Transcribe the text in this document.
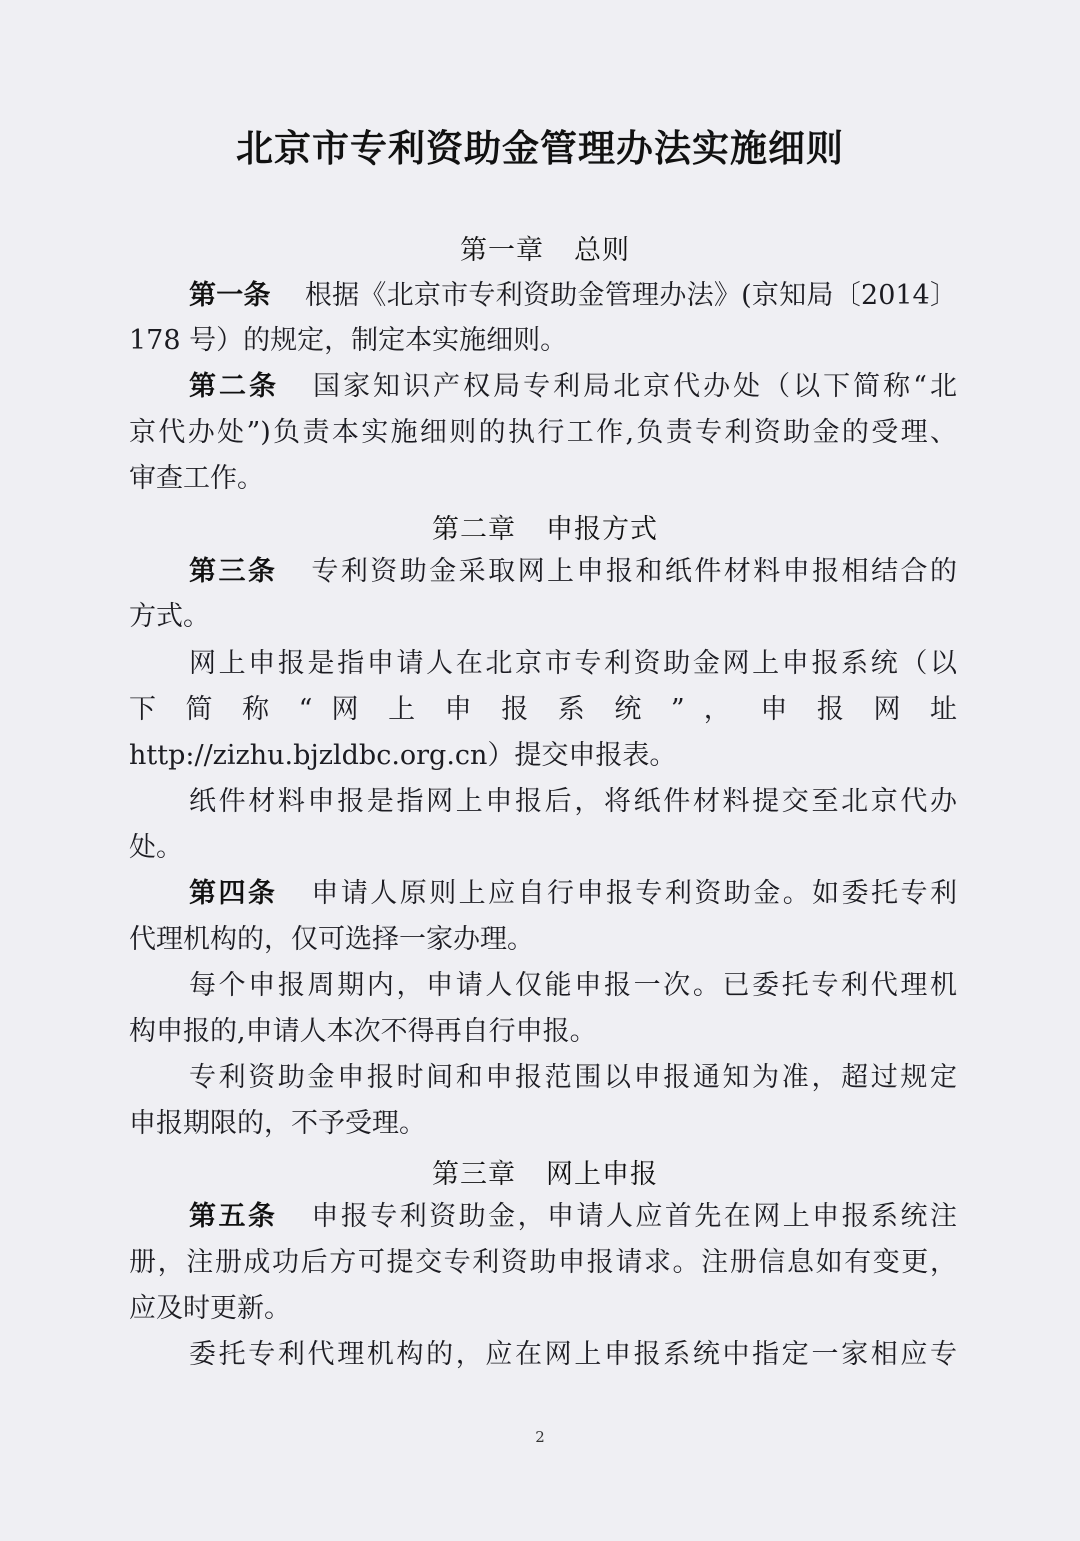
北京市专利资助金管理办法实施细则
第一章 总则
第一条 根据《北京市专利资助金管理办法》(京知局〔2014〕
178 号）的规定，制定本实施细则。
第二条 国家知识产权局专利局北京代办处（以下简称“北
京代办处”)负责本实施细则的执行工作,负责专利资助金的受理、
审查工作。
第二章 申报方式
第三条 专利资助金采取网上申报和纸件材料申报相结合的
方式。
网上申报是指申请人在北京市专利资助金网上申报系统（以
下 简 称 “ 网 上 申 报 系 统 ” ， 申 报 网 址
http://zizhu.bjzldbc.org.cn）提交申报表。
纸件材料申报是指网上申报后，将纸件材料提交至北京代办
处。
第四条 申请人原则上应自行申报专利资助金。如委托专利
代理机构的，仅可选择一家办理。
每个申报周期内，申请人仅能申报一次。已委托专利代理机
构申报的,申请人本次不得再自行申报。
专利资助金申报时间和申报范围以申报通知为准，超过规定
申报期限的，不予受理。
第三章 网上申报
第五条 申报专利资助金，申请人应首先在网上申报系统注
册，注册成功后方可提交专利资助申报请求。注册信息如有变更，
应及时更新。
委托专利代理机构的，应在网上申报系统中指定一家相应专
2
